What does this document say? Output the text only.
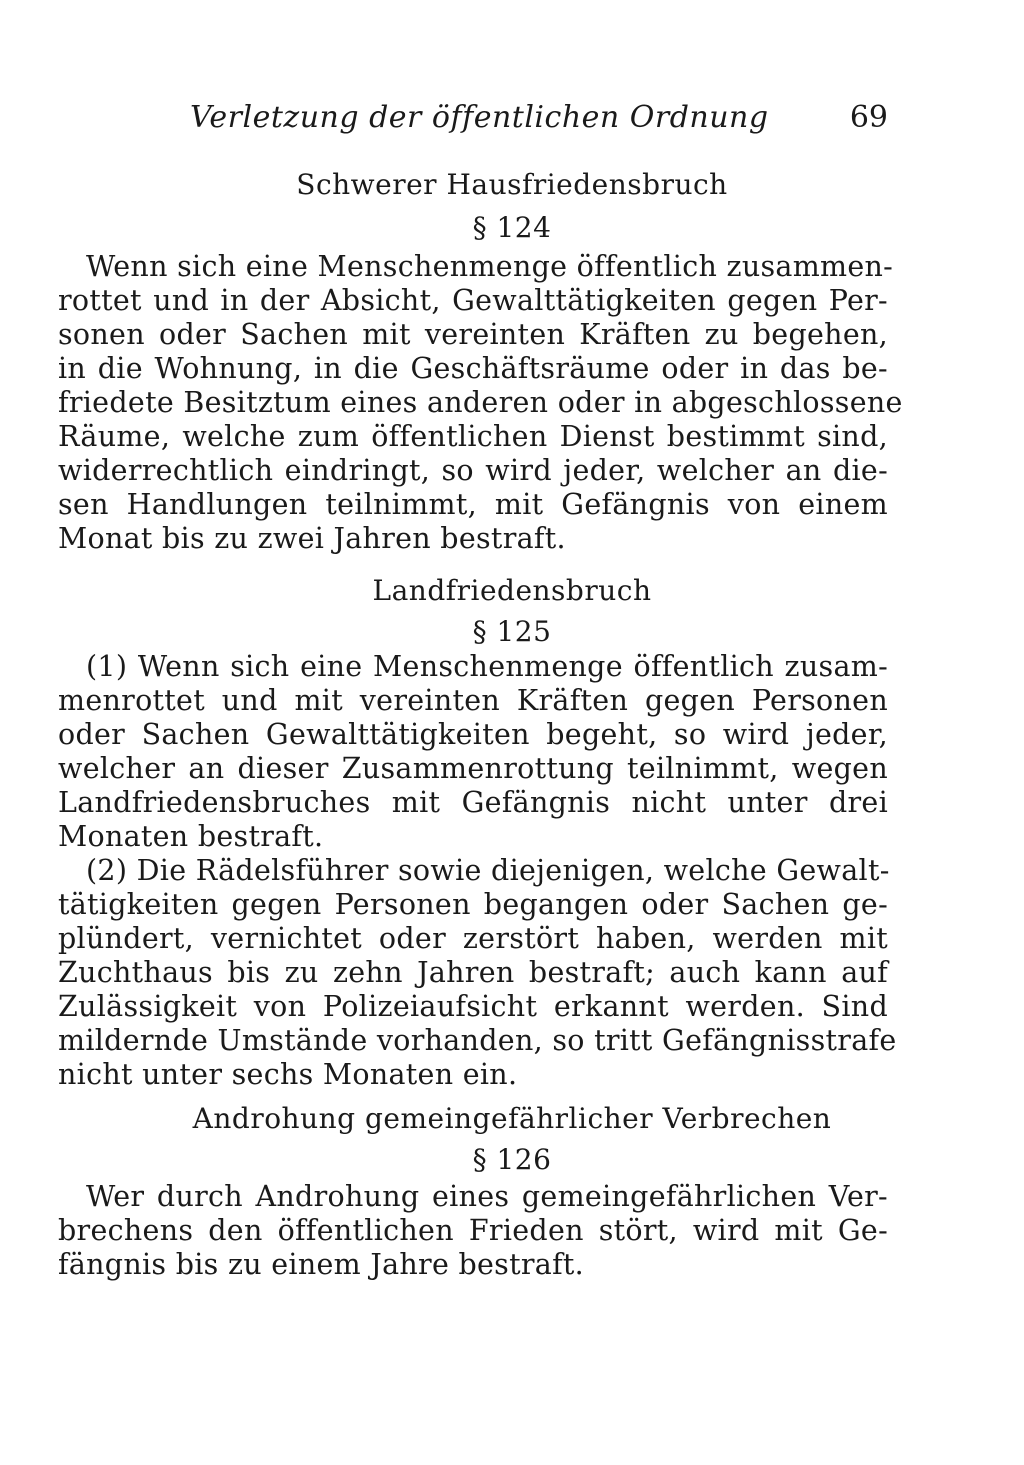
Verletzung der öffentlichen Ordnung	69
Schwerer Hausfriedensbruch
§ 124
Wenn sich eine Menschenmenge öffentlich zusammen-
rottet und in der Absicht, Gewalttätigkeiten gegen Per-
sonen oder Sachen mit vereinten Kräften zu begehen,
in die Wohnung, in die Geschäftsräume oder in das be-
friedete Besitztum eines anderen oder in abgeschlossene
Räume, welche zum öffentlichen Dienst bestimmt sind,
widerrechtlich eindringt, so wird jeder, welcher an die-
sen Handlungen teilnimmt, mit Gefängnis von einem
Monat bis zu zwei Jahren bestraft.
Landfriedensbruch
§ 125
(1) Wenn sich eine Menschenmenge öffentlich zusam-
menrottet und mit vereinten Kräften gegen Personen
oder Sachen Gewalttätigkeiten begeht, so wird jeder,
welcher an dieser Zusammenrottung teilnimmt, wegen
Landfriedensbruches mit Gefängnis nicht unter drei
Monaten bestraft.
(2) Die Rädelsführer sowie diejenigen, welche Gewalt-
tätigkeiten gegen Personen begangen oder Sachen ge-
plündert, vernichtet oder zerstört haben, werden mit
Zuchthaus bis zu zehn Jahren bestraft; auch kann auf
Zulässigkeit von Polizeiaufsicht erkannt werden. Sind
mildernde Umstände vorhanden, so tritt Gefängnisstrafe
nicht unter sechs Monaten ein.
Androhung gemeingefährlicher Verbrechen
§ 126
Wer durch Androhung eines gemeingefährlichen Ver-
brechens den öffentlichen Frieden stört, wird mit Ge-
fängnis bis zu einem Jahre bestraft.
